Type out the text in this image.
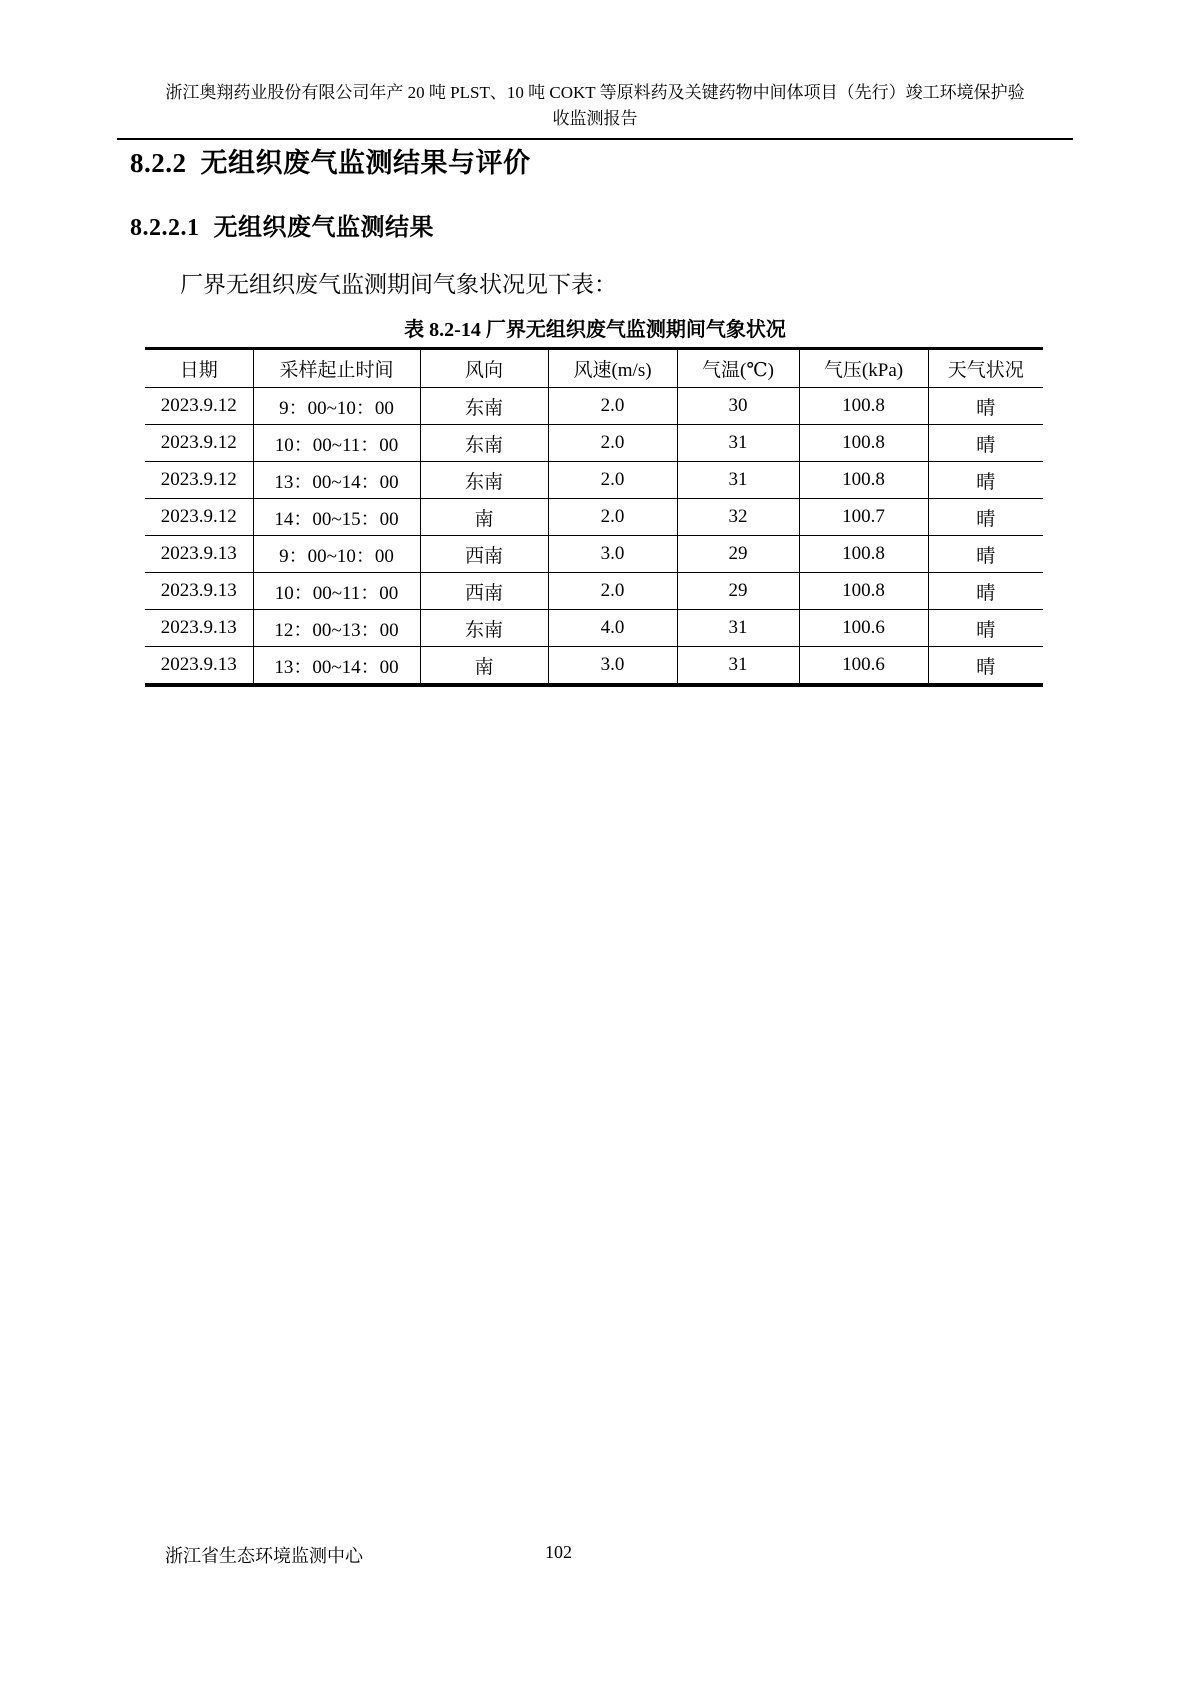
浙江奥翔药业股份有限公司年产 20 吨 PLST、10 吨 COKT 等原料药及关键药物中间体项目（先行）竣工环境保护验
收监测报告
8.2.2 无组织废气监测结果与评价
8.2.2.1 无组织废气监测结果
厂界无组织废气监测期间气象状况见下表：
表 8.2-14 厂界无组织废气监测期间气象状况
日期	采样起止时间	风向	风速(m/s)	气温(℃)	气压(kPa)	天气状况
2023.9.12	9：00~10：00	东南	2.0	30	100.8	晴
2023.9.12	10：00~11：00	东南	2.0	31	100.8	晴
2023.9.12	13：00~14：00	东南	2.0	31	100.8	晴
2023.9.12	14：00~15：00	南	2.0	32	100.7	晴
2023.9.13	9：00~10：00	西南	3.0	29	100.8	晴
2023.9.13	10：00~11：00	西南	2.0	29	100.8	晴
2023.9.13	12：00~13：00	东南	4.0	31	100.6	晴
2023.9.13	13：00~14：00	南	3.0	31	100.6	晴
浙江省生态环境监测中心	102
